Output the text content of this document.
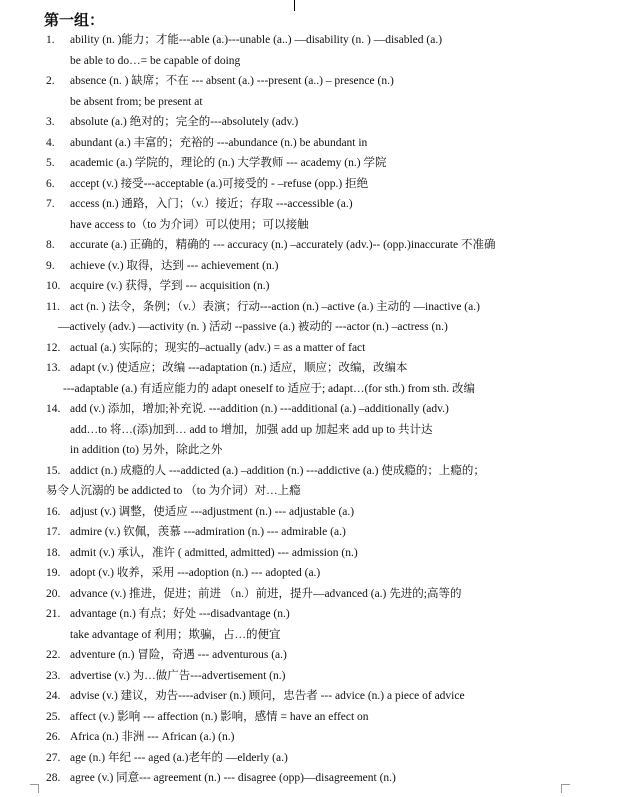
第一组：
1. ability (n. )能力；才能---able (a.)---unable (a..) —disability (n. ) —disabled (a.)
be able to do…= be capable of doing
2. absence (n. ) 缺席；不在 --- absent (a.) ---present (a..) – presence (n.)
be absent from; be present at
3. absolute (a.) 绝对的；完全的---absolutely (adv.)
4. abundant (a.) 丰富的；充裕的 ---abundance (n.) be abundant in
5. academic (a.) 学院的，理论的 (n.) 大学教师 --- academy (n.) 学院
6. accept (v.) 接受---acceptable (a.)可接受的 - –refuse (opp.) 拒绝
7. access (n.) 通路，入门；（v.）接近；存取 ---accessible (a.)
have access to（to 为介词）可以使用；可以接触
8. accurate (a.) 正确的，精确的 --- accuracy (n.) –accurately (adv.)-- (opp.)inaccurate 不准确
9. achieve (v.) 取得，达到 --- achievement (n.)
10. acquire (v.) 获得，学到 --- acquisition (n.)
11. act (n. ) 法令，条例；（v.）表演；行动---action (n.) –active (a.) 主动的 —inactive (a.)
—actively (adv.) —activity (n. ) 活动 --passive (a.) 被动的 ---actor (n.) –actress (n.)
12. actual (a.) 实际的；现实的–actually (adv.) = as a matter of fact
13. adapt (v.) 使适应；改编 ---adaptation (n.) 适应，顺应；改编，改编本
---adaptable (a.) 有适应能力的 adapt oneself to 适应于; adapt…(for sth.) from sth. 改编
14. add (v.) 添加，增加;补充说. ---addition (n.) ---additional (a.) –additionally (adv.)
add…to 将…(添)加到… add to 增加，加强 add up 加起来 add up to 共计达
in addition (to) 另外，除此之外
15. addict (n.) 成瘾的人 ---addicted (a.) –addition (n.) ---addictive (a.) 使成瘾的；上瘾的；
易令人沉溺的 be addicted to （to 为介词）对…上瘾
16. adjust (v.) 调整，使适应 ---adjustment (n.) --- adjustable (a.)
17. admire (v.) 钦佩，羡慕 ---admiration (n.) --- admirable (a.)
18. admit (v.) 承认，准许 ( admitted, admitted) --- admission (n.)
19. adopt (v.) 收养，采用 ---adoption (n.) --- adopted (a.)
20. advance (v.) 推进，促进；前进 （n.）前进，提升—advanced (a.) 先进的;高等的
21. advantage (n.) 有点；好处 ---disadvantage (n.)
take advantage of 利用；欺骗，占…的便宜
22. adventure (n.) 冒险，奇遇 --- adventurous (a.)
23. advertise (v.) 为…做广告---advertisement (n.)
24. advise (v.) 建议，劝告----adviser (n.) 顾问，忠告者 --- advice (n.) a piece of advice
25. affect (v.) 影响 --- affection (n.) 影响，感情 = have an effect on
26. Africa (n.) 非洲 --- African (a.) (n.)
27. age (n.) 年纪 --- aged (a.)老年的 —elderly (a.)
28. agree (v.) 同意--- agreement (n.) --- disagree (opp)—disagreement (n.)
